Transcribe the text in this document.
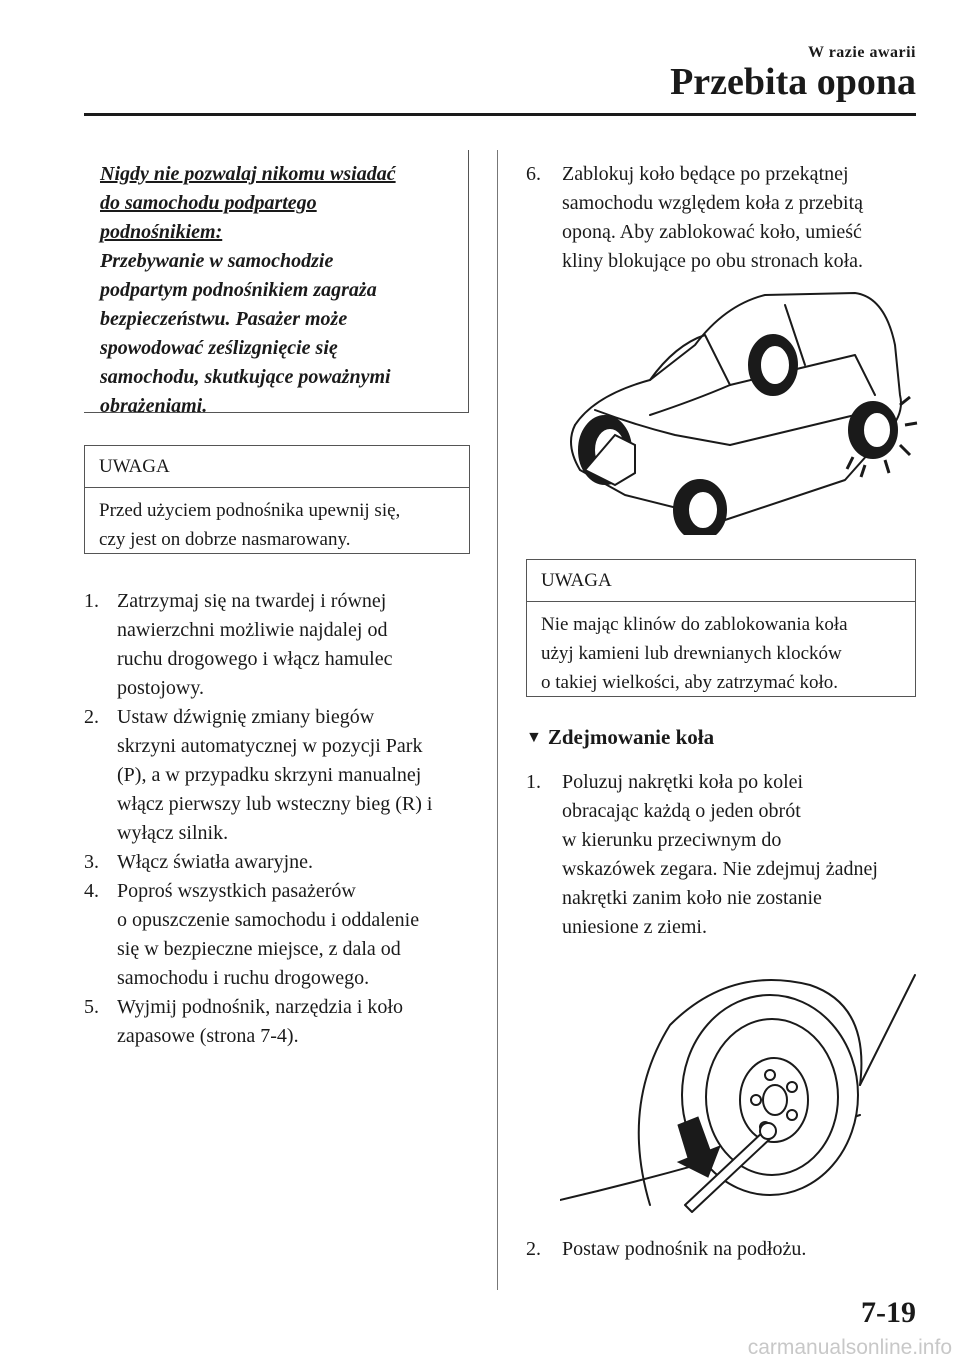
W razie awarii
Przebita opona
Nigdy nie pozwalaj nikomu wsiadać
do samochodu podpartego
podnośnikiem:
Przebywanie w samochodzie
podpartym podnośnikiem zagraża
bezpieczeństwu. Pasażer może
spowodować ześlizgnięcie się
samochodu, skutkujące poważnymi
obrażeniami.
UWAGA
Przed użyciem podnośnika upewnij się,
czy jest on dobrze nasmarowany.
1. Zatrzymaj się na twardej i równej
nawierzchni możliwie najdalej od
ruchu drogowego i włącz hamulec
postojowy.
2. Ustaw dźwignię zmiany biegów
skrzyni automatycznej w pozycji Park
(P), a w przypadku skrzyni manualnej
włącz pierwszy lub wsteczny bieg (R) i
wyłącz silnik.
3. Włącz światła awaryjne.
4. Poproś wszystkich pasażerów
o opuszczenie samochodu i oddalenie
się w bezpieczne miejsce, z dala od
samochodu i ruchu drogowego.
5. Wyjmij podnośnik, narzędzia i koło
zapasowe (strona 7-4).
6.	Zablokuj koło będące po przekątnej
samochodu względem koła z przebitą
oponą. Aby zablokować koło, umieść
kliny blokujące po obu stronach koła.
UWAGA
Nie mając klinów do zablokowania koła
użyj kamieni lub drewnianych klocków
o takiej wielkości, aby zatrzymać koło.
▼ Zdejmowanie koła
1.	Poluzuj nakrętki koła po kolei
obracając każdą o jeden obrót
w kierunku przeciwnym do
wskazówek zegara. Nie zdejmuj żadnej
nakrętki zanim koło nie zostanie
uniesione z ziemi.
2.	Postaw podnośnik na podłożu.
7-19
carmanualsonline.info
